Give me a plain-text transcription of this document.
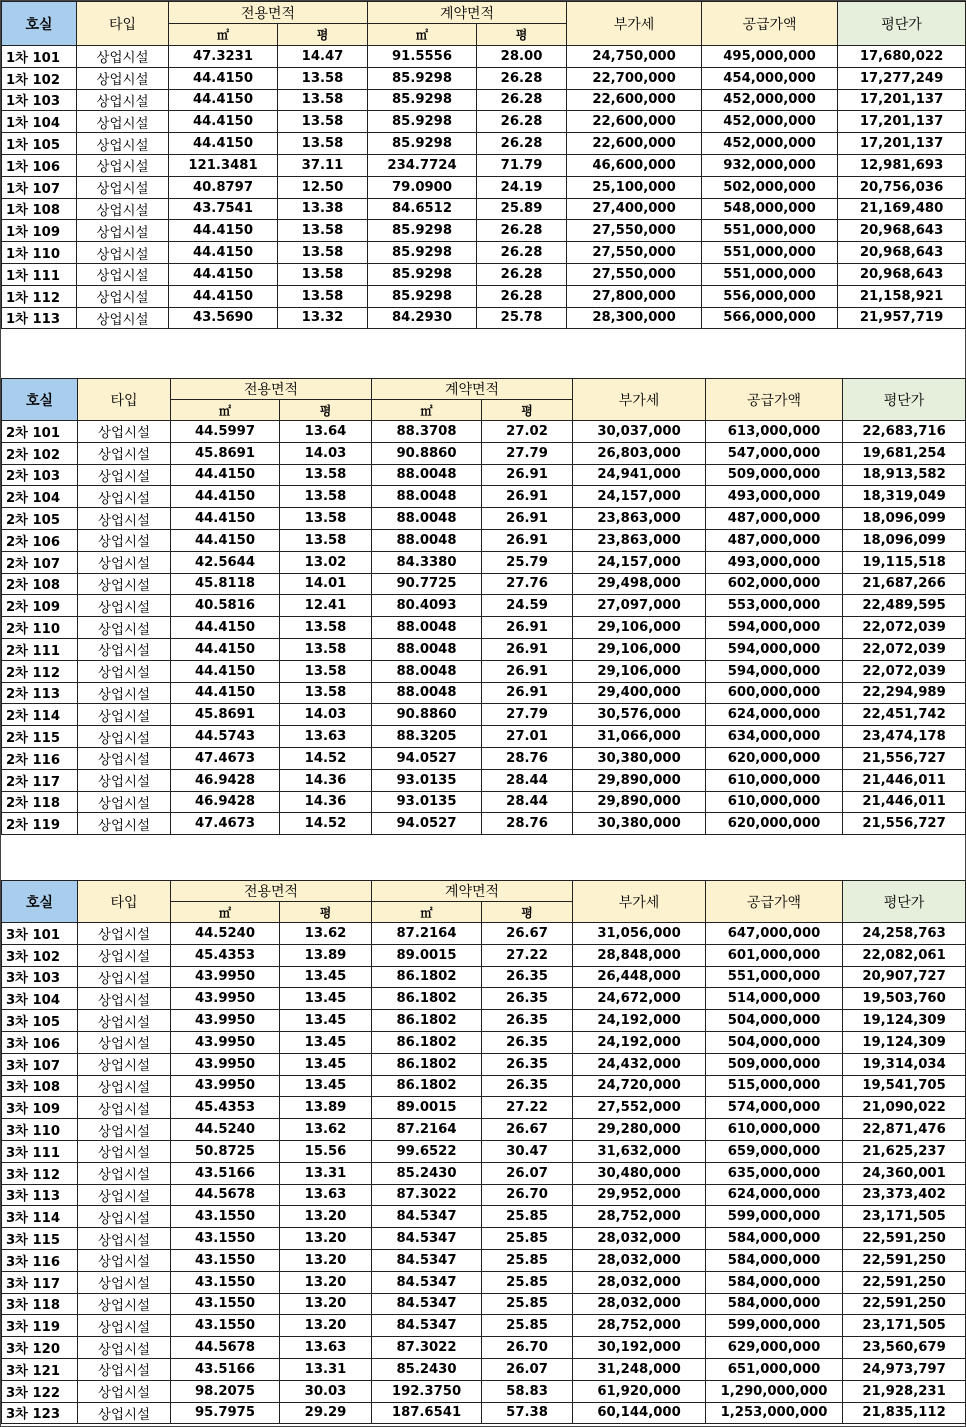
호실	타입	전용면적		계약면적		부가세	공급가액	평단가
		㎡	평	㎡	평			
1차 101	상업시설	47.3231	14.47	91.5556	28.00	24,750,000	495,000,000	17,680,022
1차 102	상업시설	44.4150	13.58	85.9298	26.28	22,700,000	454,000,000	17,277,249
1차 103	상업시설	44.4150	13.58	85.9298	26.28	22,600,000	452,000,000	17,201,137
1차 104	상업시설	44.4150	13.58	85.9298	26.28	22,600,000	452,000,000	17,201,137
1차 105	상업시설	44.4150	13.58	85.9298	26.28	22,600,000	452,000,000	17,201,137
1차 106	상업시설	121.3481	37.11	234.7724	71.79	46,600,000	932,000,000	12,981,693
1차 107	상업시설	40.8797	12.50	79.0900	24.19	25,100,000	502,000,000	20,756,036
1차 108	상업시설	43.7541	13.38	84.6512	25.89	27,400,000	548,000,000	21,169,480
1차 109	상업시설	44.4150	13.58	85.9298	26.28	27,550,000	551,000,000	20,968,643
1차 110	상업시설	44.4150	13.58	85.9298	26.28	27,550,000	551,000,000	20,968,643
1차 111	상업시설	44.4150	13.58	85.9298	26.28	27,550,000	551,000,000	20,968,643
1차 112	상업시설	44.4150	13.58	85.9298	26.28	27,800,000	556,000,000	21,158,921
1차 113	상업시설	43.5690	13.32	84.2930	25.78	28,300,000	566,000,000	21,957,719
호실	타입	전용면적		계약면적		부가세	공급가액	평단가
		㎡	평	㎡	평			
2차 101	상업시설	44.5997	13.64	88.3708	27.02	30,037,000	613,000,000	22,683,716
2차 102	상업시설	45.8691	14.03	90.8860	27.79	26,803,000	547,000,000	19,681,254
2차 103	상업시설	44.4150	13.58	88.0048	26.91	24,941,000	509,000,000	18,913,582
2차 104	상업시설	44.4150	13.58	88.0048	26.91	24,157,000	493,000,000	18,319,049
2차 105	상업시설	44.4150	13.58	88.0048	26.91	23,863,000	487,000,000	18,096,099
2차 106	상업시설	44.4150	13.58	88.0048	26.91	23,863,000	487,000,000	18,096,099
2차 107	상업시설	42.5644	13.02	84.3380	25.79	24,157,000	493,000,000	19,115,518
2차 108	상업시설	45.8118	14.01	90.7725	27.76	29,498,000	602,000,000	21,687,266
2차 109	상업시설	40.5816	12.41	80.4093	24.59	27,097,000	553,000,000	22,489,595
2차 110	상업시설	44.4150	13.58	88.0048	26.91	29,106,000	594,000,000	22,072,039
2차 111	상업시설	44.4150	13.58	88.0048	26.91	29,106,000	594,000,000	22,072,039
2차 112	상업시설	44.4150	13.58	88.0048	26.91	29,106,000	594,000,000	22,072,039
2차 113	상업시설	44.4150	13.58	88.0048	26.91	29,400,000	600,000,000	22,294,989
2차 114	상업시설	45.8691	14.03	90.8860	27.79	30,576,000	624,000,000	22,451,742
2차 115	상업시설	44.5743	13.63	88.3205	27.01	31,066,000	634,000,000	23,474,178
2차 116	상업시설	47.4673	14.52	94.0527	28.76	30,380,000	620,000,000	21,556,727
2차 117	상업시설	46.9428	14.36	93.0135	28.44	29,890,000	610,000,000	21,446,011
2차 118	상업시설	46.9428	14.36	93.0135	28.44	29,890,000	610,000,000	21,446,011
2차 119	상업시설	47.4673	14.52	94.0527	28.76	30,380,000	620,000,000	21,556,727
호실	타입	전용면적		계약면적		부가세	공급가액	평단가
		㎡	평	㎡	평			
3차 101	상업시설	44.5240	13.62	87.2164	26.67	31,056,000	647,000,000	24,258,763
3차 102	상업시설	45.4353	13.89	89.0015	27.22	28,848,000	601,000,000	22,082,061
3차 103	상업시설	43.9950	13.45	86.1802	26.35	26,448,000	551,000,000	20,907,727
3차 104	상업시설	43.9950	13.45	86.1802	26.35	24,672,000	514,000,000	19,503,760
3차 105	상업시설	43.9950	13.45	86.1802	26.35	24,192,000	504,000,000	19,124,309
3차 106	상업시설	43.9950	13.45	86.1802	26.35	24,192,000	504,000,000	19,124,309
3차 107	상업시설	43.9950	13.45	86.1802	26.35	24,432,000	509,000,000	19,314,034
3차 108	상업시설	43.9950	13.45	86.1802	26.35	24,720,000	515,000,000	19,541,705
3차 109	상업시설	45.4353	13.89	89.0015	27.22	27,552,000	574,000,000	21,090,022
3차 110	상업시설	44.5240	13.62	87.2164	26.67	29,280,000	610,000,000	22,871,476
3차 111	상업시설	50.8725	15.56	99.6522	30.47	31,632,000	659,000,000	21,625,237
3차 112	상업시설	43.5166	13.31	85.2430	26.07	30,480,000	635,000,000	24,360,001
3차 113	상업시설	44.5678	13.63	87.3022	26.70	29,952,000	624,000,000	23,373,402
3차 114	상업시설	43.1550	13.20	84.5347	25.85	28,752,000	599,000,000	23,171,505
3차 115	상업시설	43.1550	13.20	84.5347	25.85	28,032,000	584,000,000	22,591,250
3차 116	상업시설	43.1550	13.20	84.5347	25.85	28,032,000	584,000,000	22,591,250
3차 117	상업시설	43.1550	13.20	84.5347	25.85	28,032,000	584,000,000	22,591,250
3차 118	상업시설	43.1550	13.20	84.5347	25.85	28,032,000	584,000,000	22,591,250
3차 119	상업시설	43.1550	13.20	84.5347	25.85	28,752,000	599,000,000	23,171,505
3차 120	상업시설	44.5678	13.63	87.3022	26.70	30,192,000	629,000,000	23,560,679
3차 121	상업시설	43.5166	13.31	85.2430	26.07	31,248,000	651,000,000	24,973,797
3차 122	상업시설	98.2075	30.03	192.3750	58.83	61,920,000	1,290,000,000	21,928,231
3차 123	상업시설	95.7975	29.29	187.6541	57.38	60,144,000	1,253,000,000	21,835,112
